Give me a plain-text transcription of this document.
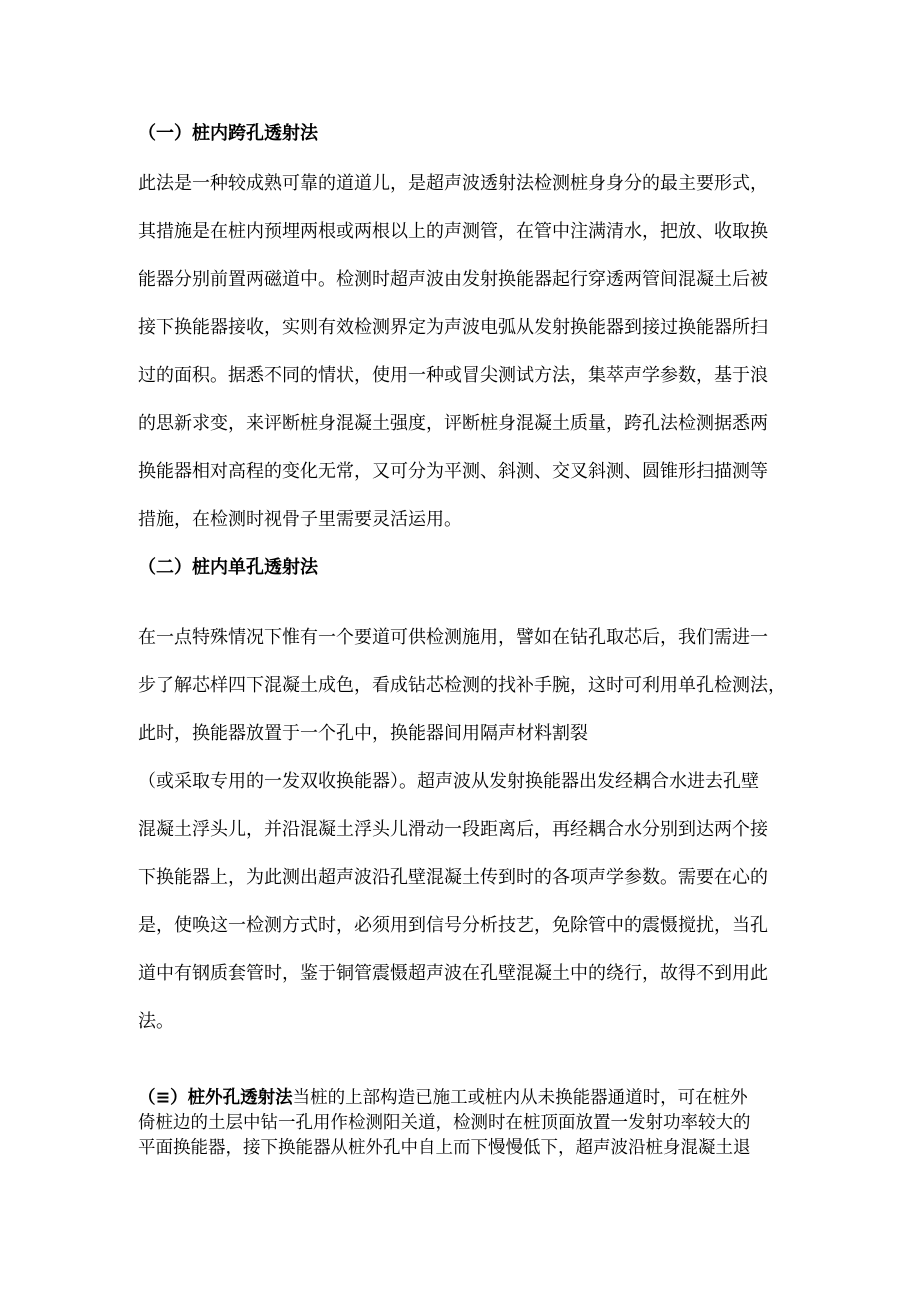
（一）桩内跨孔透射法
此法是一种较成熟可靠的道道儿，是超声波透射法检测桩身身分的最主要形式，
其措施是在桩内预埋两根或两根以上的声测管，在管中注满清水，把放、收取换
能器分别前置两磁道中。检测时超声波由发射换能器起行穿透两管间混凝土后被
接下换能器接收，实则有效检测界定为声波电弧从发射换能器到接过换能器所扫
过的面积。据悉不同的情状，使用一种或冒尖测试方法，集萃声学参数，基于浪
的思新求变，来评断桩身混凝土强度，评断桩身混凝土质量，跨孔法检测据悉两
换能器相对高程的变化无常，又可分为平测、斜测、交叉斜测、圆锥形扫描测等
措施，在检测时视骨子里需要灵活运用。
（二）桩内单孔透射法
在一点特殊情况下惟有一个要道可供检测施用，譬如在钻孔取芯后，我们需进一
步了解芯样四下混凝土成色，看成钻芯检测的找补手腕，这时可利用单孔检测法，
此时，换能器放置于一个孔中，换能器间用隔声材料割裂
（或采取专用的一发双收换能器）。超声波从发射换能器出发经耦合水进去孔壁
混凝土浮头儿，并沿混凝土浮头儿滑动一段距离后，再经耦合水分别到达两个接
下换能器上，为此测出超声波沿孔壁混凝土传到时的各项声学参数。需要在心的
是，使唤这一检测方式时，必须用到信号分析技艺，免除管中的震慑搅扰，当孔
道中有钢质套管时，鉴于铜管震慑超声波在孔壁混凝土中的绕行，故得不到用此
法。
（≡）桩外孔透射法当桩的上部构造已施工或桩内从未换能器通道时，可在桩外
倚桩边的土层中钻一孔用作检测阳关道，检测时在桩顶面放置一发射功率较大的
平面换能器，接下换能器从桩外孔中自上而下慢慢低下，超声波沿桩身混凝土退
